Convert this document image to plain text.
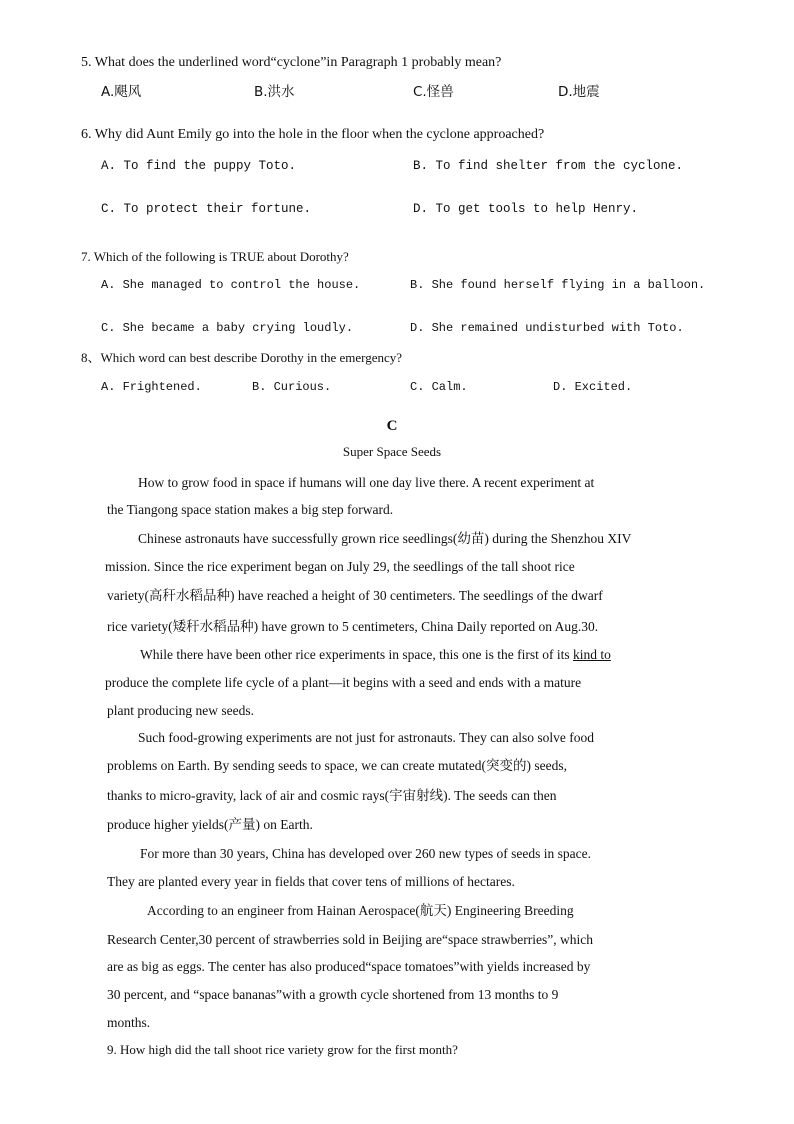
5. What does the underlined word“cyclone”in Paragraph 1 probably mean?
A.飓风	B.洪水	C.怪兽	D.地震
6. Why did Aunt Emily go into the hole in the floor when the cyclone approached?
A. To find the puppy Toto.	B. To find shelter from the cyclone.
C. To protect their fortune.	D. To get tools to help Henry.
7. Which of the following is TRUE about Dorothy?
A. She managed to control the house.	B. She found herself flying in a balloon.
C. She became a baby crying loudly.	D. She remained undisturbed with Toto.
8、Which word can best describe Dorothy in the emergency?
A. Frightened.	B. Curious.	C. Calm.	D. Excited.
C
Super Space Seeds
How to grow food in space if humans will one day live there. A recent experiment at
the Tiangong space station makes a big step forward.
Chinese astronauts have successfully grown rice seedlings(幼苗) during the Shenzhou XIV
mission. Since the rice experiment began on July 29, the seedlings of the tall shoot rice
variety(高秆水稻品种) have reached a height of 30 centimeters. The seedlings of the dwarf
rice variety(矮秆水稻品种) have grown to 5 centimeters, China Daily reported on Aug.30.
While there have been other rice experiments in space, this one is the first of its kind to
produce the complete life cycle of a plant—it begins with a seed and ends with a mature
plant producing new seeds.
Such food-growing experiments are not just for astronauts. They can also solve food
problems on Earth. By sending seeds to space, we can create mutated(突变的) seeds,
thanks to micro-gravity, lack of air and cosmic rays(宇宙射线). The seeds can then
produce higher yields(产量) on Earth.
For more than 30 years, China has developed over 260 new types of seeds in space.
They are planted every year in fields that cover tens of millions of hectares.
According to an engineer from Hainan Aerospace(航天) Engineering Breeding
Research Center,30 percent of strawberries sold in Beijing are“space strawberries”, which
are as big as eggs. The center has also produced“space tomatoes”with yields increased by
30 percent, and “space bananas”with a growth cycle shortened from 13 months to 9
months.
9. How high did the tall shoot rice variety grow for the first month?
